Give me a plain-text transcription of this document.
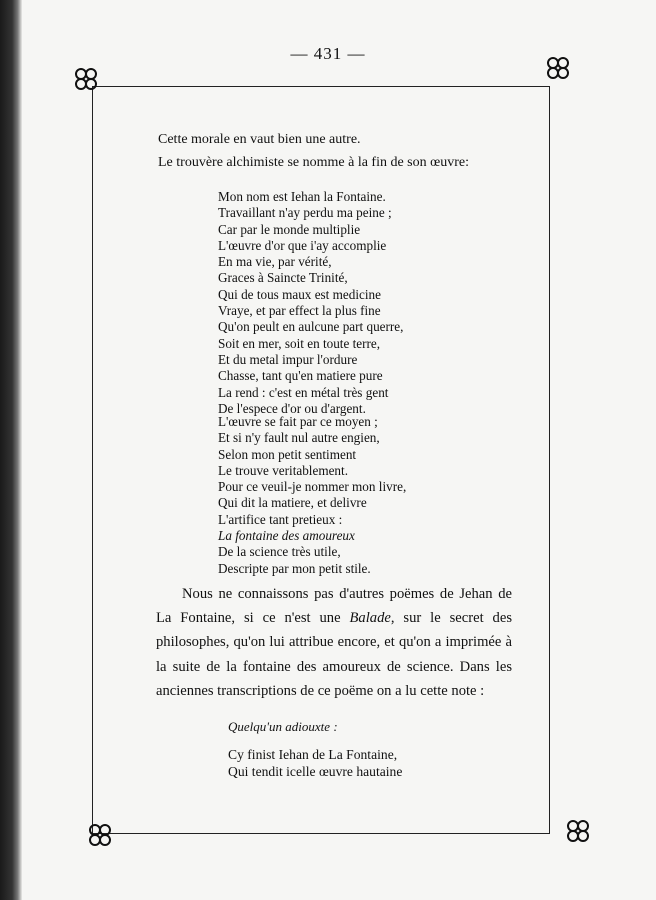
— 431 —
Cette morale en vaut bien une autre.
Le trouvère alchimiste se nomme à la fin de son œuvre:
Mon nom est Iehan la Fontaine.
Travaillant n'ay perdu ma peine ;
Car par le monde multiplie
L'œuvre d'or que i'ay accomplie
En ma vie, par vérité,
Graces à Saincte Trinité,
Qui de tous maux est medicine
Vraye, et par effect la plus fine
Qu'on peult en aulcune part querre,
Soit en mer, soit en toute terre,
Et du metal impur l'ordure
Chasse, tant qu'en matiere pure
La rend : c'est en métal très gent
De l'espece d'or ou d'argent.
L'œuvre se fait par ce moyen ;
Et si n'y fault nul autre engien,
Selon mon petit sentiment
Le trouve veritablement.
Pour ce veuil-je nommer mon livre,
Qui dit la matiere, et delivre
L'artifice tant pretieux :
La fontaine des amoureux
De la science très utile,
Descripte par mon petit stile.
Nous ne connaissons pas d'autres poëmes de Jehan de La Fontaine, si ce n'est une Balade, sur le secret des philosophes, qu'on lui attribue encore, et qu'on a imprimée à la suite de la fontaine des amoureux de science. Dans les anciennes transcriptions de ce poëme on a lu cette note :
Quelqu'un adiouxte :
Cy finist Iehan de La Fontaine,
Qui tendit icelle œuvre hautaine
